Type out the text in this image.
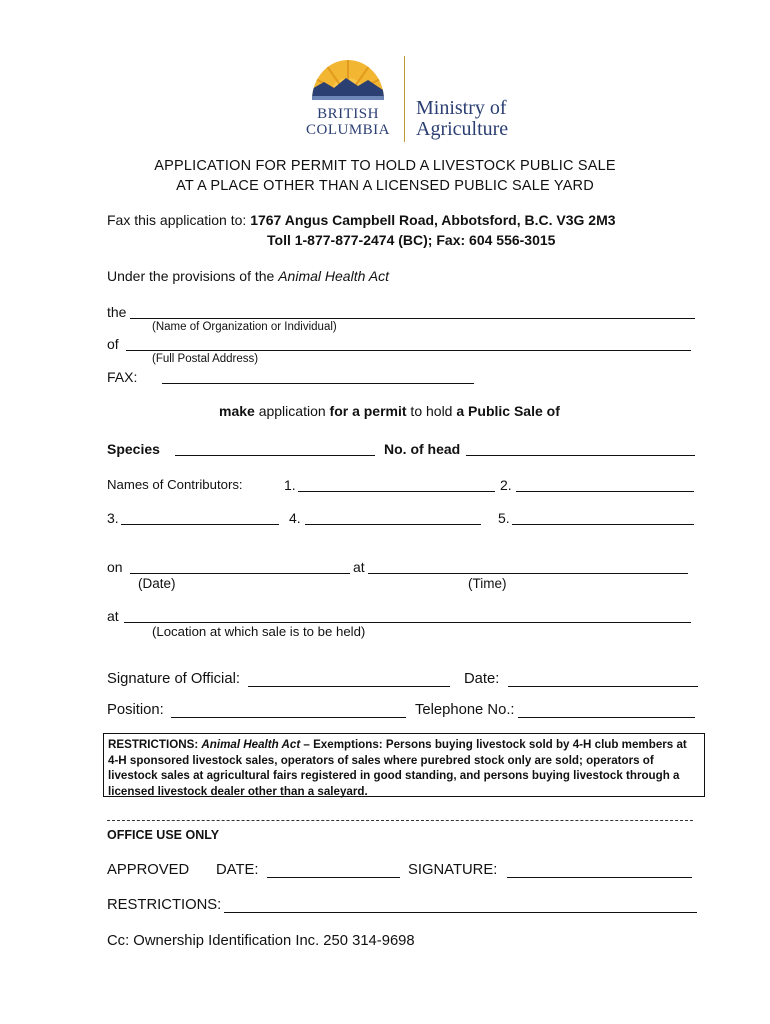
BRITISH
COLUMBIA
Ministry of
Agriculture
APPLICATION FOR PERMIT TO HOLD A LIVESTOCK PUBLIC SALE
AT A PLACE OTHER THAN A LICENSED PUBLIC SALE YARD
Fax this application to: 1767 Angus Campbell Road, Abbotsford, B.C. V3G 2M3
Toll 1-877-877-2474 (BC); Fax: 604 556-3015
Under the provisions of the Animal Health Act
the
(Name of Organization or Individual)
of
(Full Postal Address)
FAX:
make application for a permit to hold a Public Sale of
Species	No. of head
Names of Contributors:	1.	2.
3.	4.	5.
on	at
(Date)	(Time)
at
(Location at which sale is to be held)
Signature of Official:	Date:
Position:	Telephone No.:
RESTRICTIONS: Animal Health Act – Exemptions: Persons buying livestock sold by 4-H club members at 4-H sponsored livestock sales, operators of sales where purebred stock only are sold; operators of livestock sales at agricultural fairs registered in good standing, and persons buying livestock through a licensed livestock dealer other than a saleyard.
OFFICE USE ONLY
APPROVED DATE:	SIGNATURE:
RESTRICTIONS:
Cc: Ownership Identification Inc. 250 314-9698
